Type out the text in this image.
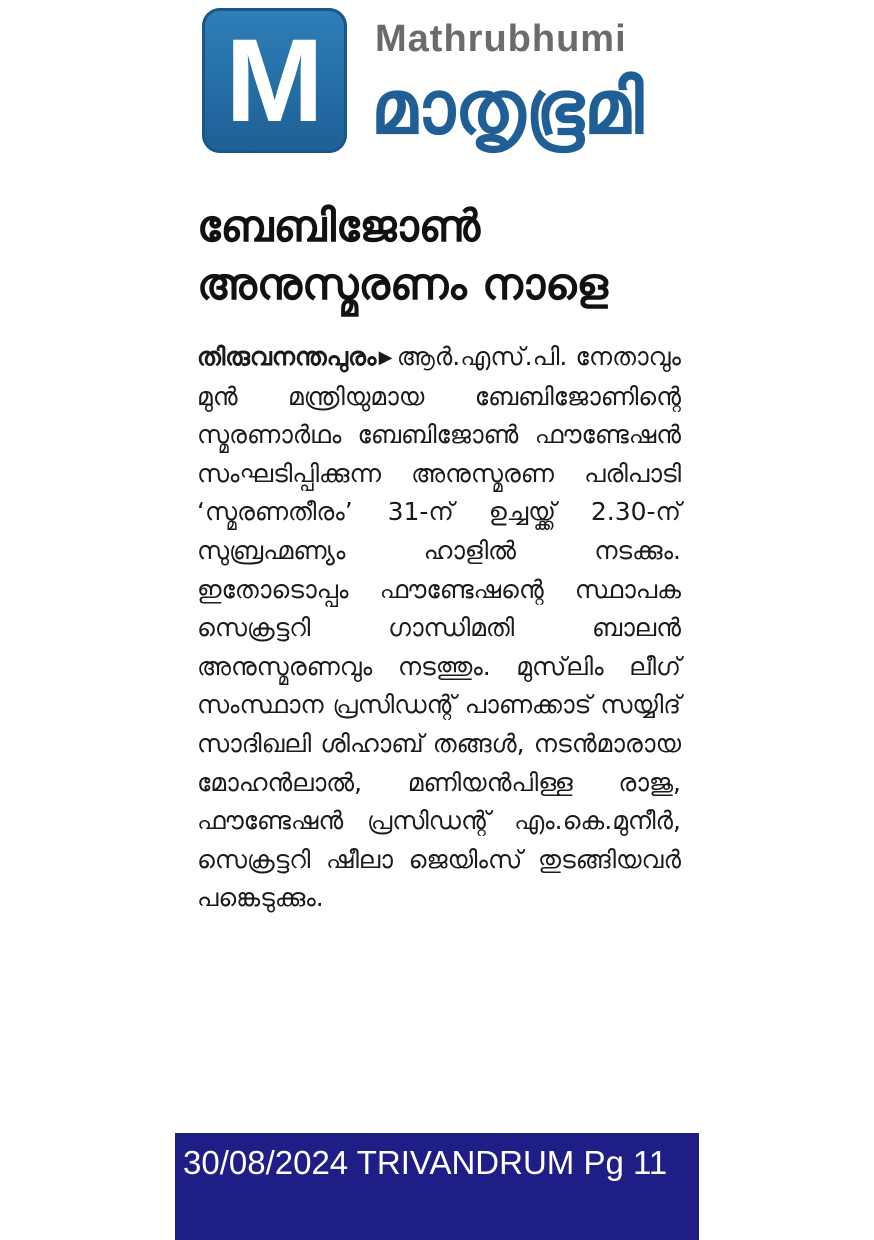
M	Mathrubhumi
മാതൃഭൂമി
ബേബിജോൺ അനുസ്മരണം നാളെ
തിരുവനന്തപുരം ▶ ആർ.എസ്.പി. നേതാവും മുൻ മന്ത്രിയുമായ ബേബിജോണിന്റെ സ്മരണാർഥം ബേബിജോൺ ഫൗണ്ടേഷൻ സംഘടിപ്പിക്കുന്ന അനുസ്മരണ പരിപാടി ‘സ്മരണതീരം’ 31-ന് ഉച്ചയ്ക്ക് 2.30-ന് സുബ്രഹ്മണ്യം ഹാളിൽ നടക്കും. ഇതോടൊപ്പം ഫൗണ്ടേഷന്റെ സ്ഥാപക സെക്രട്ടറി ഗാന്ധിമതി ബാലൻ അനുസ്മരണവും നടത്തും. മുസ്‌ലിം ലീഗ് സംസ്ഥാന പ്രസിഡന്റ് പാണക്കാട് സയ്യിദ് സാദിഖലി ശിഹാബ് തങ്ങൾ, നടൻമാരായ മോഹൻലാൽ, മണിയൻപിള്ള രാജു, ഫൗണ്ടേഷൻ പ്രസിഡന്റ് എം.കെ.മുനീർ, സെക്രട്ടറി ഷീലാ ജെയിംസ് തുടങ്ങിയവർ പങ്കെടുക്കും.
30/08/2024 TRIVANDRUM Pg 11
